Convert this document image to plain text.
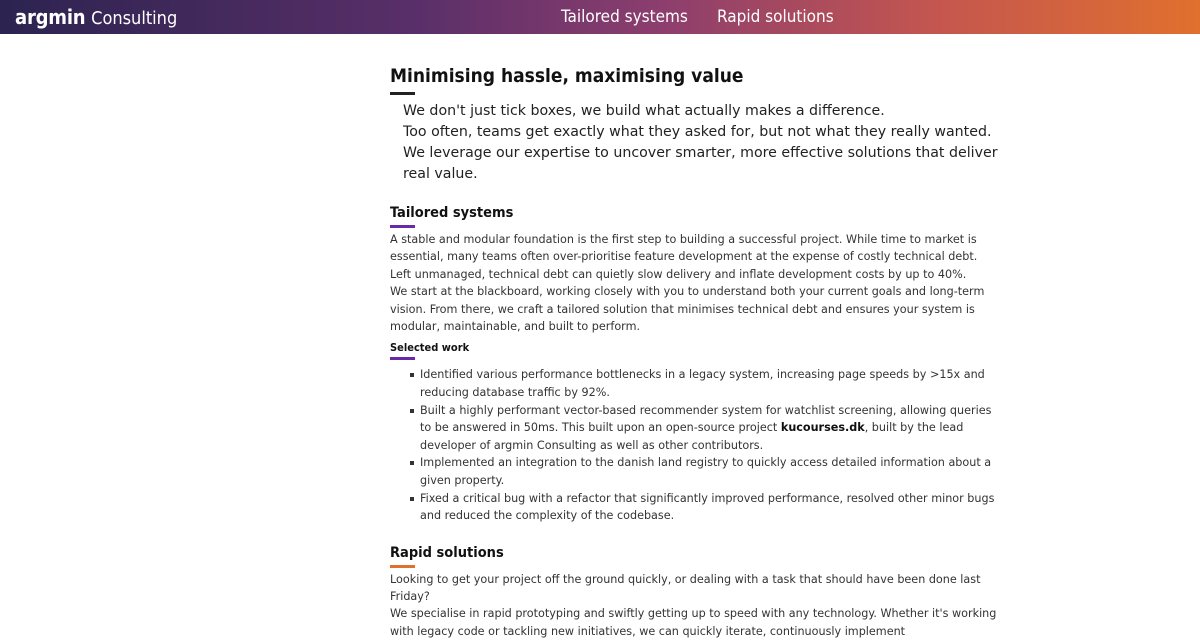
argmin Consulting	Tailored systems Rapid solutions
Minimising hassle, maximising value

We don't just tick boxes, we build what actually makes a difference.

Too often, teams get exactly what they asked for, but not what they really wanted.

We leverage our expertise to uncover smarter, more effective solutions that deliver real value.

Tailored systems

A stable and modular foundation is the first step to building a successful project. While time to market is essential, many teams often over-prioritise feature development at the expense of costly technical debt. Left unmanaged, technical debt can quietly slow delivery and inflate development costs by up to 40%.

We start at the blackboard, working closely with you to understand both your current goals and long-term vision. From there, we craft a tailored solution that minimises technical debt and ensures your system is modular, maintainable, and built to perform.

Selected work
Identified various performance bottlenecks in a legacy system, increasing page speeds by >15x and reducing database traffic by 92%.
Built a highly performant vector-based recommender system for watchlist screening, allowing queries to be answered in 50ms. This built upon an open-source project kucourses.dk, built by the lead developer of argmin Consulting as well as other contributors.
Implemented an integration to the danish land registry to quickly access detailed information about a given property.
Fixed a critical bug with a refactor that significantly improved performance, resolved other minor bugs and reduced the complexity of the codebase.
Rapid solutions

Looking to get your project off the ground quickly, or dealing with a task that should have been done last Friday?

We specialise in rapid prototyping and swiftly getting up to speed with any technology. Whether it's working with legacy code or tackling new initiatives, we can quickly iterate, continuously implement
